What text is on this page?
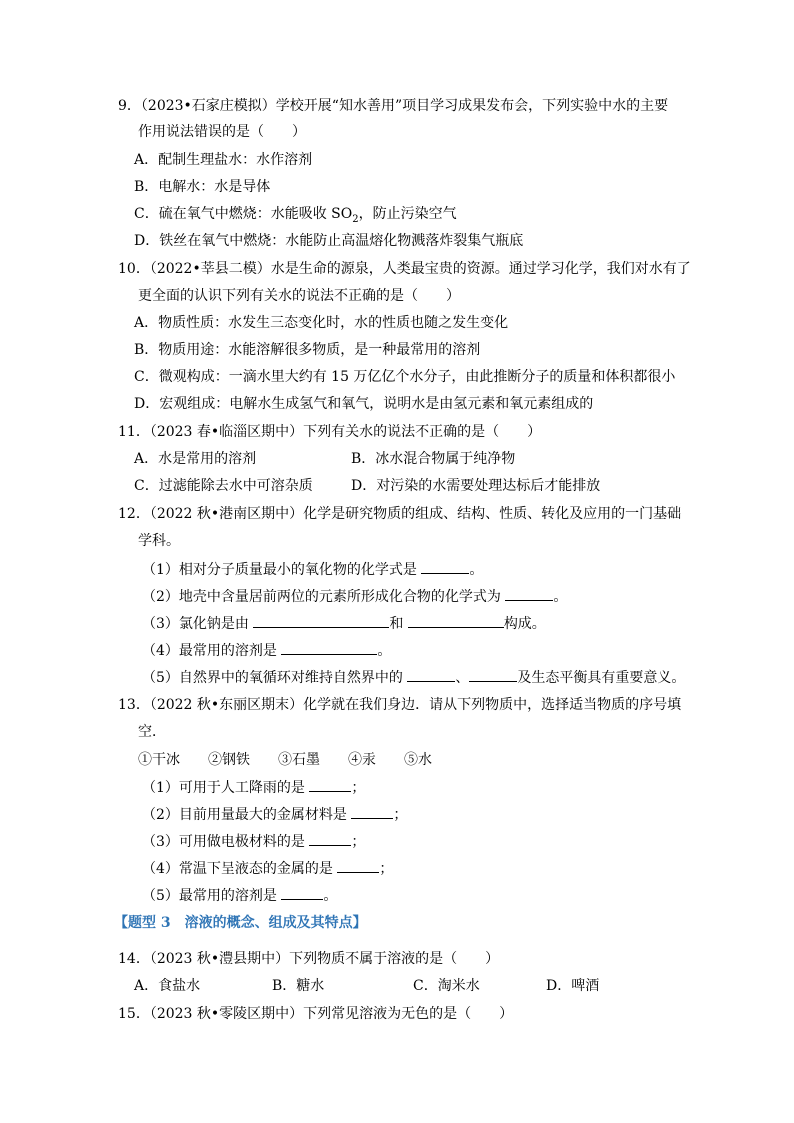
9．（2023•石家庄模拟）学校开展“知水善用”项目学习成果发布会，下列实验中水的主要
作用说法错误的是（　　）
A．配制生理盐水：水作溶剂
B．电解水：水是导体
C．硫在氧气中燃烧：水能吸收 $SO_2$，防止污染空气
D．铁丝在氧气中燃烧：水能防止高温熔化物溅落炸裂集气瓶底
10．（2022•莘县二模）水是生命的源泉，人类最宝贵的资源。通过学习化学，我们对水有了
更全面的认识下列有关水的说法不正确的是（　　）
A．物质性质：水发生三态变化时，水的性质也随之发生变化
B．物质用途：水能溶解很多物质，是一种最常用的溶剂
C．微观构成：一滴水里大约有 15 万亿亿个水分子，由此推断分子的质量和体积都很小
D．宏观组成：电解水生成氢气和氧气，说明水是由氢元素和氧元素组成的
11．（2023 春•临淄区期中）下列有关水的说法不正确的是（　　）
A．水是常用的溶剂	B．冰水混合物属于纯净物
C．过滤能除去水中可溶杂质	D．对污染的水需要处理达标后才能排放
12．（2022 秋•港南区期中）化学是研究物质的组成、结构、性质、转化及应用的一门基础
学科。
（1）相对分子质量最小的氧化物的化学式是	。
（2）地壳中含量居前两位的元素所形成化合物的化学式为	。
（3）氯化钠是由	和	构成。
（4）最常用的溶剂是	。
（5）自然界中的氧循环对维持自然界中的	、	及生态平衡具有重要意义。
13．（2022 秋•东丽区期末）化学就在我们身边．请从下列物质中，选择适当物质的序号填
空．
①干冰 ②钢铁 ③石墨 ④汞 ⑤水
（1）可用于人工降雨的是	；
（2）目前用量最大的金属材料是	；
（3）可用做电极材料的是	；
（4）常温下呈液态的金属的是	；
（5）最常用的溶剂是	。
【题型 3　溶液的概念、组成及其特点】
14．（2023 秋•澧县期中）下列物质不属于溶液的是（　　）
A．食盐水	B．糖水	C．淘米水	D．啤酒
15．（2023 秋•零陵区期中）下列常见溶液为无色的是（　　）
